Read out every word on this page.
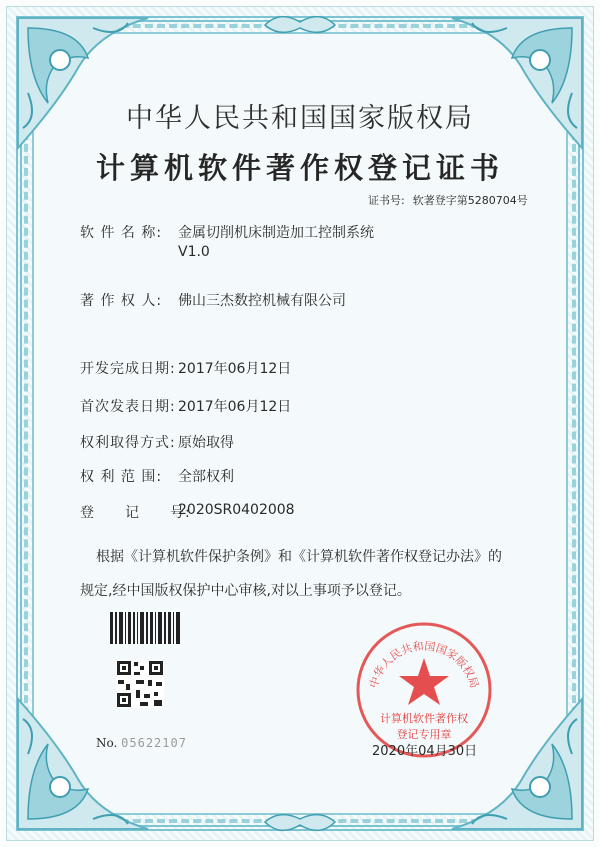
中华人民共和国国家版权局
计算机软件著作权登记证书
证书号: 软著登字第5280704号
软 件 名 称: 金属切削机床制造加工控制系统
V1.0
著 作 权 人: 佛山三杰数控机械有限公司
开发完成日期: 2017年06月12日
首次发表日期: 2017年06月12日
权利取得方式: 原始取得
权 利 范 围: 全部权利
登　　记　　号:
2020SR0402008
根据《计算机软件保护条例》和《计算机软件著作权登记办法》的
规定,经中国版权保护中心审核,对以上事项予以登记。
中华人民共和国国家版权局
计算机软件著作权
登记专用章
No. 05622107
2020年04月30日
